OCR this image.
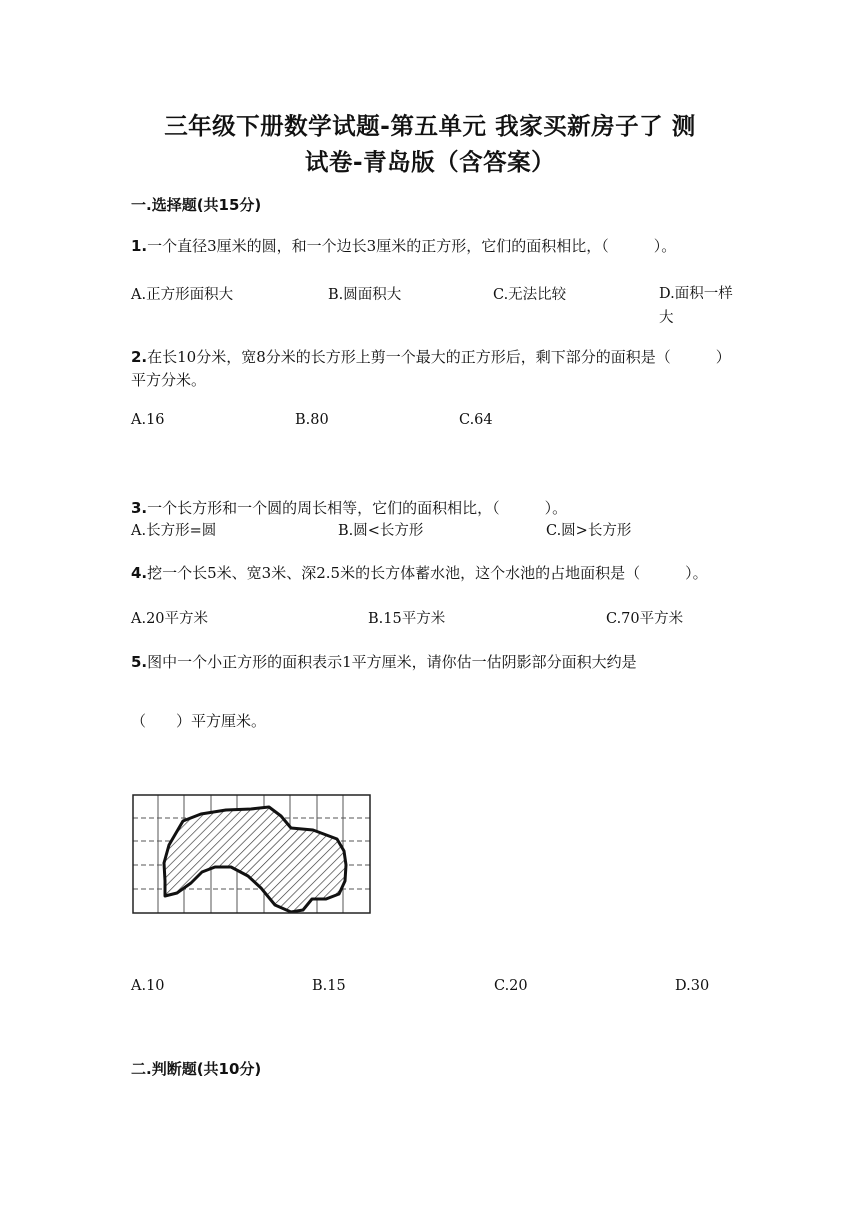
三年级下册数学试题-第五单元 我家买新房子了 测
试卷-青岛版（含答案）
一.选择题(共15分)
1.一个直径3厘米的圆，和一个边长3厘米的正方形，它们的面积相比，（　　　）。
A.正方形面积大	B.圆面积大	C.无法比较	D.面积一样大
2.在长10分米，宽8分米的长方形上剪一个最大的正方形后，剩下部分的面积是（　　　）平方分米。
A.16	B.80	C.64
3.一个长方形和一个圆的周长相等，它们的面积相比，（　　　）。
A.长方形=圆	B.圆<长方形	C.圆>长方形
4.挖一个长5米、宽3米、深2.5米的长方体蓄水池，这个水池的占地面积是（　　　）。
A.20平方米	B.15平方米	C.70平方米
5.图中一个小正方形的面积表示1平方厘米，请你估一估阴影部分面积大约是
（　　）平方厘米。
A.10	B.15	C.20	D.30
二.判断题(共10分)
